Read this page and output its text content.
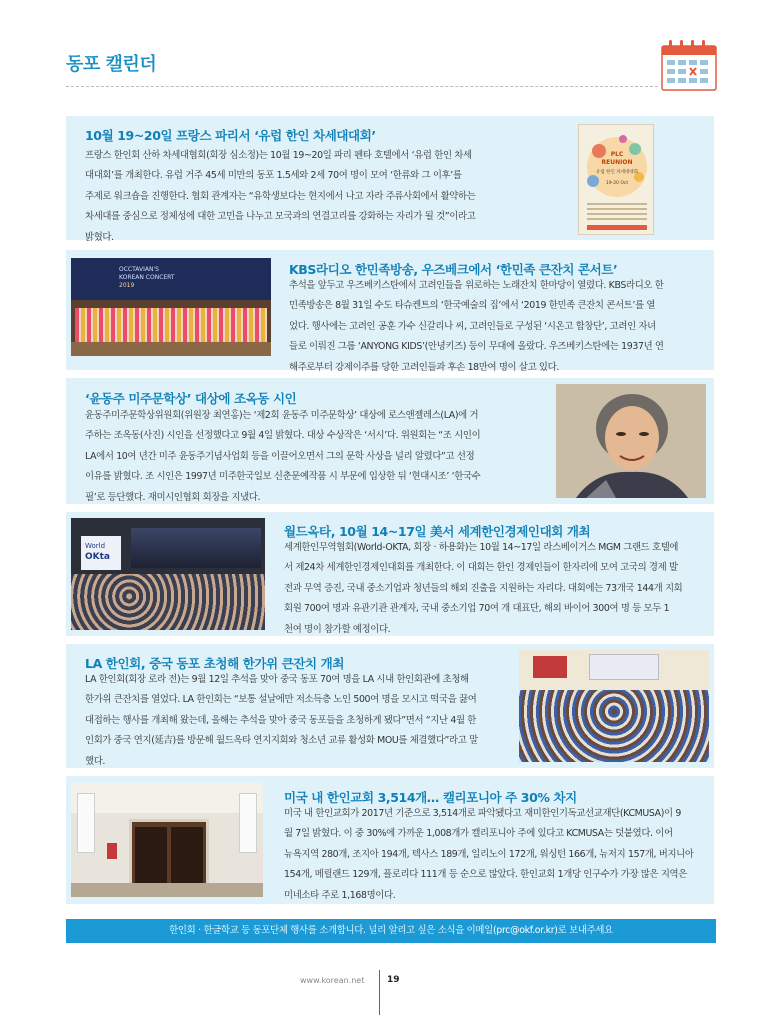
동포 캘린더
10월 19~20일 프랑스 파리서 ‘유럽 한인 차세대대회’
프랑스 한인회 산하 차세대협회(회장 심소정)는 10월 19~20일 파리 펜타 호텔에서 ‘유럽 한인 차세
대대회’를 개최한다. 유럽 거주 45세 미만의 동포 1.5세와 2세 70여 명이 모여 ‘한류와 그 이후’를
주제로 워크숍을 진행한다. 협회 관계자는 “유학생보다는 현지에서 나고 자라 주류사회에서 활약하는
차세대를 중심으로 정체성에 대한 고민을 나누고 모국과의 연결고리를 강화하는 자리가 될 것”이라고
밝혔다.
PLC
REUNION
유럽 한인 차세대대회
19-20 Oct
OCCTAVIAN'S
KOREAN CONCERT
2019
KBS라디오 한민족방송, 우즈베크에서 ‘한민족 큰잔치 콘서트’
추석을 앞두고 우즈베키스탄에서 고려인들을 위로하는 노래잔치 한마당이 열렸다. KBS라디오 한
민족방송은 8월 31일 수도 타슈켄트의 ‘한국예술의 집’에서 ‘2019 한민족 큰잔치 콘서트’를 열
었다. 행사에는 고려인 공훈 가수 신갈리나 씨, 고려인들로 구성된 ‘시온고 합창단’, 고려인 자녀
들로 이뤄진 그룹 ‘ANYONG KIDS’(안녕키즈) 등이 무대에 올랐다. 우즈베키스탄에는 1937년 연
해주로부터 강제이주를 당한 고려인들과 후손 18만여 명이 살고 있다.
‘윤동주 미주문학상’ 대상에 조옥동 시인
윤동주미주문학상위원회(위원장 최연홍)는 ‘제2회 윤동주 미주문학상’ 대상에 로스앤젤레스(LA)에 거
주하는 조옥동(사진) 시인을 선정했다고 9월 4일 밝혔다. 대상 수상작은 ‘서시’다. 위원회는 “조 시인이
LA에서 10여 년간 미주 윤동주기념사업회 등을 이끌어오면서 그의 문학 사상을 널리 알렸다”고 선정
이유를 밝혔다. 조 시인은 1997년 미주한국일보 신춘문예작품 시 부문에 입상한 뒤 ‘현대시조’ ‘한국수
필’로 등단했다. 재미시인협회 회장을 지냈다.
World
OKta
월드옥타, 10월 14~17일 美서 세계한인경제인대회 개최
세계한인무역협회(World-OKTA, 회장 · 하용화)는 10월 14~17일 라스베이거스 MGM 그랜드 호텔에
서 제24차 세계한인경제인대회를 개최한다. 이 대회는 한인 경제인들이 한자리에 모여 고국의 경제 발
전과 무역 증진, 국내 중소기업과 청년들의 해외 진출을 지원하는 자리다. 대회에는 73개국 144개 지회
회원 700여 명과 유관기관 관계자, 국내 중소기업 70여 개 대표단, 해외 바이어 300여 명 등 모두 1
천여 명이 참가할 예정이다.
LA 한인회, 중국 동포 초청해 한가위 큰잔치 개최
LA 한인회(회장 로라 전)는 9월 12일 추석을 맞아 중국 동포 70여 명을 LA 시내 한인회관에 초청해
한가위 큰잔치를 열었다. LA 한인회는 “보통 설날에만 저소득층 노인 500여 명을 모시고 떡국을 끓여
대접하는 행사를 개최해 왔는데, 올해는 추석을 맞아 중국 동포들을 초청하게 됐다”면서 “지난 4월 한
인회가 중국 연지(延吉)를 방문해 월드옥타 연지지회와 청소년 교류 활성화 MOU를 체결했다”라고 말
했다.
미국 내 한인교회 3,514개… 캘리포니아 주 30% 차지
미국 내 한인교회가 2017년 기준으로 3,514개로 파악됐다고 재미한인기독교선교재단(KCMUSA)이 9
월 7일 밝혔다. 이 중 30%에 가까운 1,008개가 캘리포니아 주에 있다고 KCMUSA는 덧붙였다. 이어
뉴욕지역 280개, 조지아 194개, 텍사스 189개, 일리노이 172개, 워싱턴 166개, 뉴저지 157개, 버지니아
154개, 메릴랜드 129개, 플로리다 111개 등 순으로 많았다. 한인교회 1개당 인구수가 가장 많은 지역은
미네소타 주로 1,168명이다.
한인회 · 한글학교 등 동포단체 행사를 소개합니다. 널리 알리고 싶은 소식을 이메일(prc@okf.or.kr)로 보내주세요
www.korean.net	19
